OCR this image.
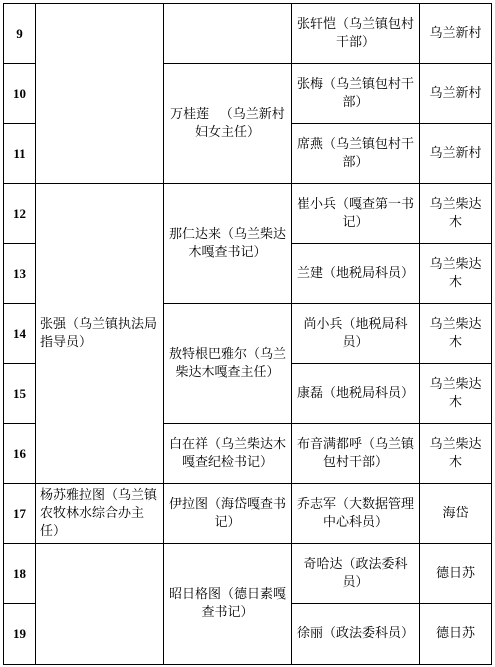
9			张轩恺（乌兰镇包村干部）	乌兰新村
10		万桂莲 　（乌兰新村妇女主任）	张梅（乌兰镇包村干部）	乌兰新村
11			席燕（乌兰镇包村干部）	乌兰新村
12	张强（乌兰镇执法局指导员）	那仁达来（乌兰柴达木嘎查书记）	崔小兵（嘎查第一书记）	乌兰柴达木
13			兰建（地税局科员）	乌兰柴达木
14		敖特根巴雅尔（乌兰柴达木嘎查主任）	尚小兵（地税局科员）	乌兰柴达木
15			康磊（地税局科员）	乌兰柴达木
16		白在祥（乌兰柴达木嘎查纪检书记）	布音满都呼（乌兰镇包村干部）	乌兰柴达木
17	杨苏雅拉图（乌兰镇农牧林水综合办主任）	伊拉图（海岱嘎查书记）	乔志军（大数据管理中心科员）	海岱
18		昭日格图（德日素嘎查书记）	奇哈达（政法委科员）	德日苏
19			徐丽（政法委科员）	德日苏
